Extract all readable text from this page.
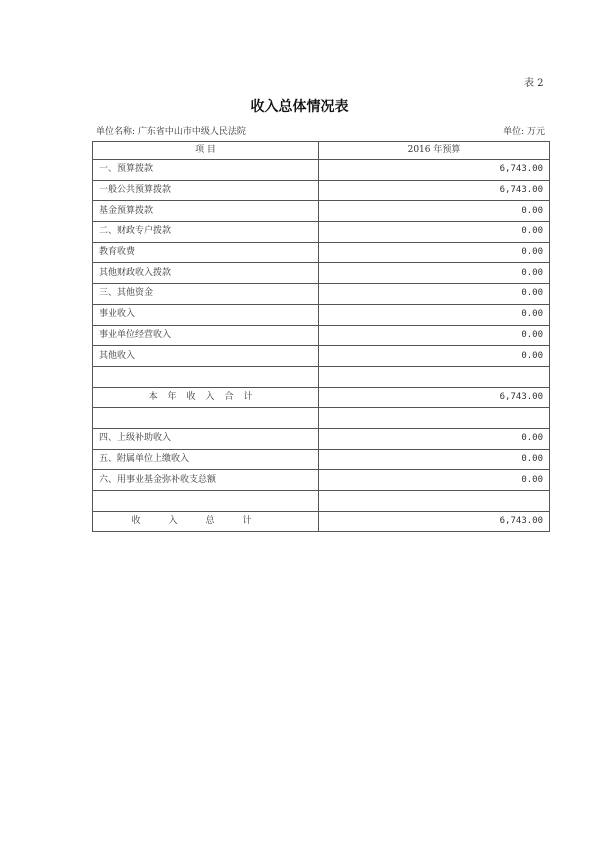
表 2
收入总体情况表
单位名称: 广东省中山市中级人民法院	单位: 万元
项 目	2016 年预算
一、预算拨款	6,743.00
一般公共预算拨款	6,743.00
基金预算拨款	0.00
二、财政专户拨款	0.00
教育收费	0.00
其他财政收入拨款	0.00
三、其他资金	0.00
事业收入	0.00
事业单位经营收入	0.00
其他收入	0.00

本年收入合计	6,743.00

四、上级补助收入	0.00
五、附属单位上缴收入	0.00
六、用事业基金弥补收支总额	0.00

收入总计	6,743.00
